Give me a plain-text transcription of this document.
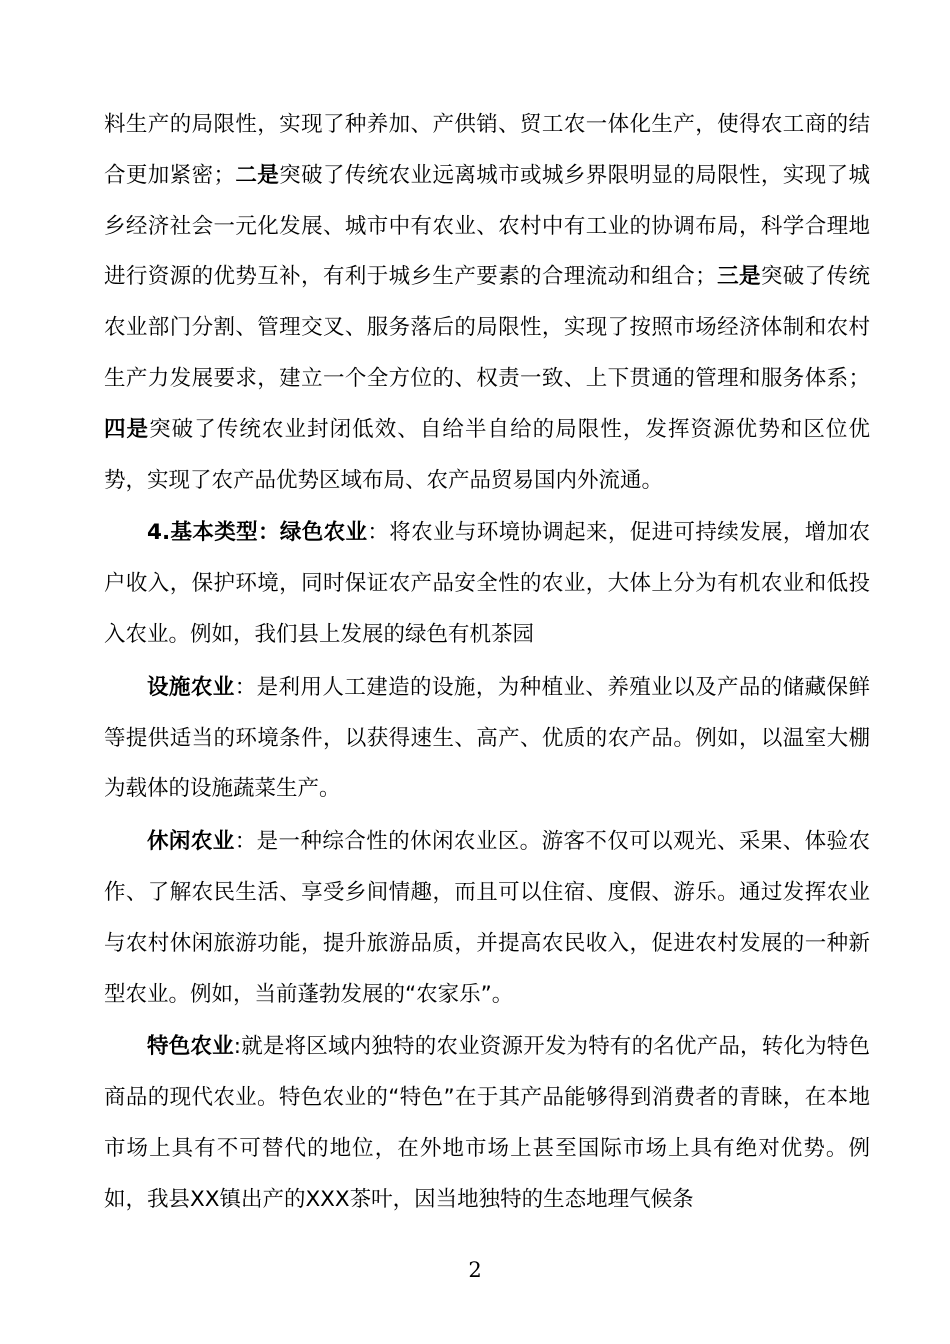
料生产的局限性，实现了种养加、产供销、贸工农一体化生产，使得农工商的结合更加紧密；二是突破了传统农业远离城市或城乡界限明显的局限性，实现了城乡经济社会一元化发展、城市中有农业、农村中有工业的协调布局，科学合理地进行资源的优势互补，有利于城乡生产要素的合理流动和组合；三是突破了传统农业部门分割、管理交叉、服务落后的局限性，实现了按照市场经济体制和农村生产力发展要求，建立一个全方位的、权责一致、上下贯通的管理和服务体系；四是突破了传统农业封闭低效、自给半自给的局限性，发挥资源优势和区位优势，实现了农产品优势区域布局、农产品贸易国内外流通。

4.基本类型：绿色农业：将农业与环境协调起来，促进可持续发展，增加农户收入，保护环境，同时保证农产品安全性的农业，大体上分为有机农业和低投入农业。例如，我们县上发展的绿色有机茶园

设施农业：是利用人工建造的设施，为种植业、养殖业以及产品的储藏保鲜等提供适当的环境条件，以获得速生、高产、优质的农产品。例如，以温室大棚为载体的设施蔬菜生产。

休闲农业：是一种综合性的休闲农业区。游客不仅可以观光、采果、体验农作、了解农民生活、享受乡间情趣，而且可以住宿、度假、游乐。通过发挥农业与农村休闲旅游功能，提升旅游品质，并提高农民收入，促进农村发展的一种新型农业。例如，当前蓬勃发展的“农家乐”。

特色农业:就是将区域内独特的农业资源开发为特有的名优产品，转化为特色商品的现代农业。特色农业的“特色”在于其产品能够得到消费者的青睐，在本地市场上具有不可替代的地位，在外地市场上甚至国际市场上具有绝对优势。例如，我县XX镇出产的XXX茶叶，因当地独特的生态地理气候条

2
